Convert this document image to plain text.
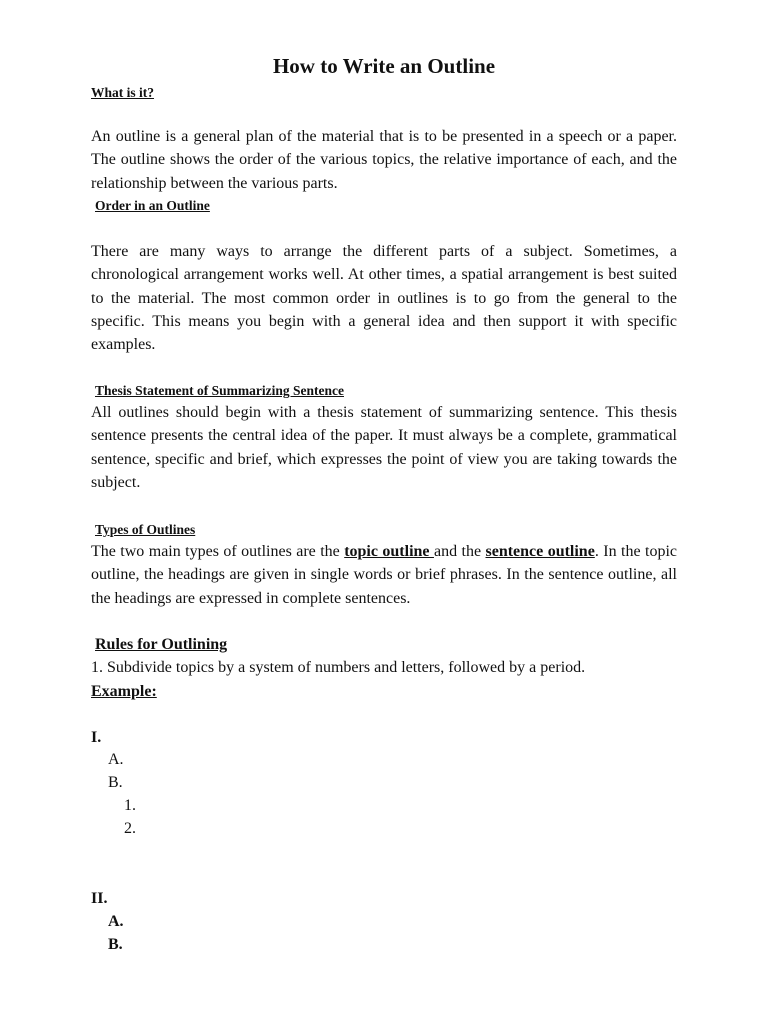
How to Write an Outline
What is it?

An outline is a general plan of the material that is to be presented in a speech or a paper. The outline shows the order of the various topics, the relative importance of each, and the relationship between the various parts.

Order in an Outline

There are many ways to arrange the different parts of a subject. Sometimes, a chronological arrangement works well. At other times, a spatial arrangement is best suited to the material. The most common order in outlines is to go from the general to the specific. This means you begin with a general idea and then support it with specific examples.

Thesis Statement of Summarizing Sentence

All outlines should begin with a thesis statement of summarizing sentence. This thesis sentence presents the central idea of the paper. It must always be a complete, grammatical sentence, specific and brief, which expresses the point of view you are taking towards the subject.

Types of Outlines

The two main types of outlines are the topic outline and the sentence outline. In the topic outline, the headings are given in single words or brief phrases. In the sentence outline, all the headings are expressed in complete sentences.

Rules for Outlining
1. Subdivide topics by a system of numbers and letters, followed by a period.
Example:
I.
A.
B.
1.
2.
II.
A.
B.
